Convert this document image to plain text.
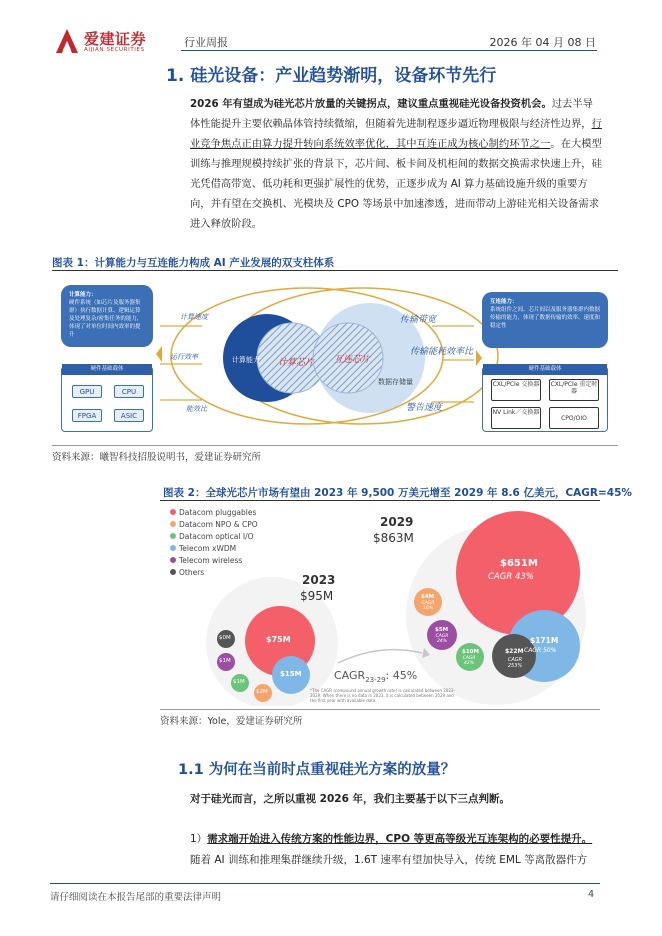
爱建证券
AIJIAN SECURITIES
行业周报	2026 年 04 月 08 日
1. 硅光设备：产业趋势渐明，设备环节先行
2026 年有望成为硅光芯片放量的关键拐点，建议重点重视硅光设备投资机会。过去半导体性能提升主要依赖晶体管持续微缩，但随着先进制程逐步逼近物理极限与经济性边界，行业竞争焦点正由算力提升转向系统效率优化，其中互连正成为核心制约环节之一。在大模型训练与推理规模持续扩张的背景下，芯片间、板卡间及机柜间的数据交换需求快速上升，硅光凭借高带宽、低功耗和更强扩展性的优势，正逐步成为 AI 算力基础设施升级的重要方向，并有望在交换机、光模块及 CPO 等场景中加速渗透，进而带动上游硅光相关设备需求进入释放阶段。
图表 1：计算能力与互连能力构成 AI 产业发展的双支柱体系
计算能力：
硬件系统（如芯片及服务器集群）执行数据计算、逻辑运算及处理复杂/密集任务的能力，体现了对单位时间内效率的提升
互连能力：
系统组件之间、芯片间以及服务器集群内数据传输的能力，体现了数据传输的效率、速度和稳定性
硬件基础载体
GPU	CPU
FPGA	ASIC
硬件基础载体
CXL/PCIe 交换器 CXL/PCIe 重定时器
NV Link／交换器
CPO/OIO
计算速度
运行效率
能效比
传输带宽
传输能耗效率比
警告速度
计算能力 计算芯片 互连芯片
数据存储量
资料来源：曦智科技招股说明书，爱建证券研究所
图表 2：全球光芯片市场有望由 2023 年 9,500 万美元增至 2029 年 8.6 亿美元，CAGR=45%
Datacom pluggables
Datacom NPO & CPO
Datacom optical I/O
Telecom xWDM
Telecom wireless
Others
2023
$95M
2029
$863M
$CAGR_{23-29}$: 45%
*The CAGR (compound annual growth rate) is calculated between 2023-2029. When there is no data in 2023, it is calculated between 2029 and the first year with available data.
$75M
$15M
$0M
$1M
$1M
$2M
$651M
CAGR 43%
$171M
CAGR 50%
$22M
CAGR 253%
$10M
CAGR 42%
$5M
CAGR 24%
$4M
CAGR 16%
资料来源：Yole，爱建证券研究所
1.1 为何在当前时点重视硅光方案的放量？
对于硅光而言，之所以重视 2026 年，我们主要基于以下三点判断。
1）需求端开始进入传统方案的性能边界，CPO 等更高等级光互连架构的必要性提升。
随着 AI 训练和推理集群继续升级，1.6T 速率有望加快导入，传统 EML 等离散器件方
请仔细阅读在本报告尾部的重要法律声明	4
